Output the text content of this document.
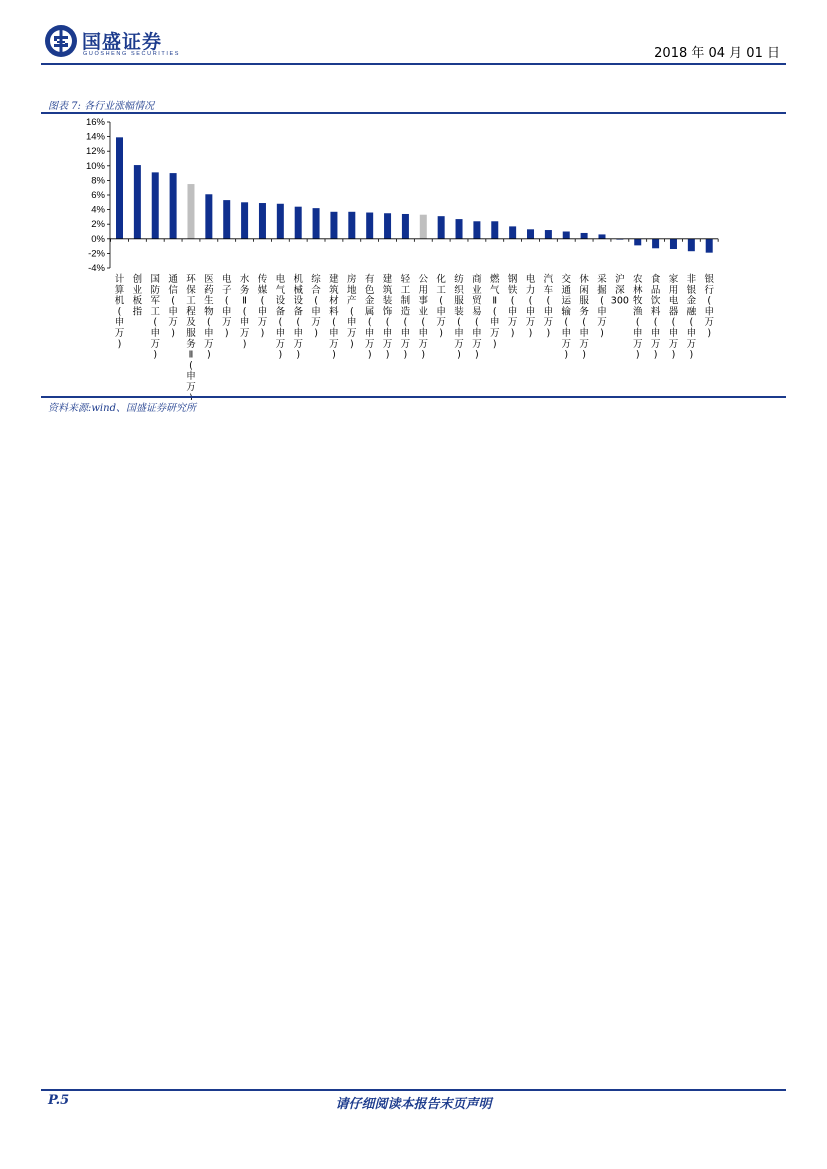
国盛证券
GUOSHENG SECURITIES	2018 年 04 月 01 日
图表 7: 各行业涨幅情况
16%
14%
12%
10%
8%
6%
4%
2%
0%
-2%
-4%
计算机(申万)
创业板指
国防军工(申万)
通信(申万)
环保工程及服务 Ⅱ (申万
医药生物(申万)
电子(申万)
水务 Ⅱ (申万)
传媒(申万)
电气设备(申万)
机械设备(申万)
综合(申万)
建筑材料(申万)
房地产(申万)
有色金属(申万)
建筑装饰(申万)
轻工制造(申万)
公用事业(申万)
化工(申万)
纺织服装(申万)
商业贸易(申万)
燃气 Ⅱ (申万)
钢铁(申万)
电力(申万)
汽车(申万)
交通运输(申万)
休闲服务(申万)
采掘(申万)
沪深 300
农林牧渔(申万)
食品饮料(申万)
家用电器(申万)
非银金融(申万)
银行(申万)
资料来源:wind、国盛证券研究所
P.5	请仔细阅读本报告末页声明
